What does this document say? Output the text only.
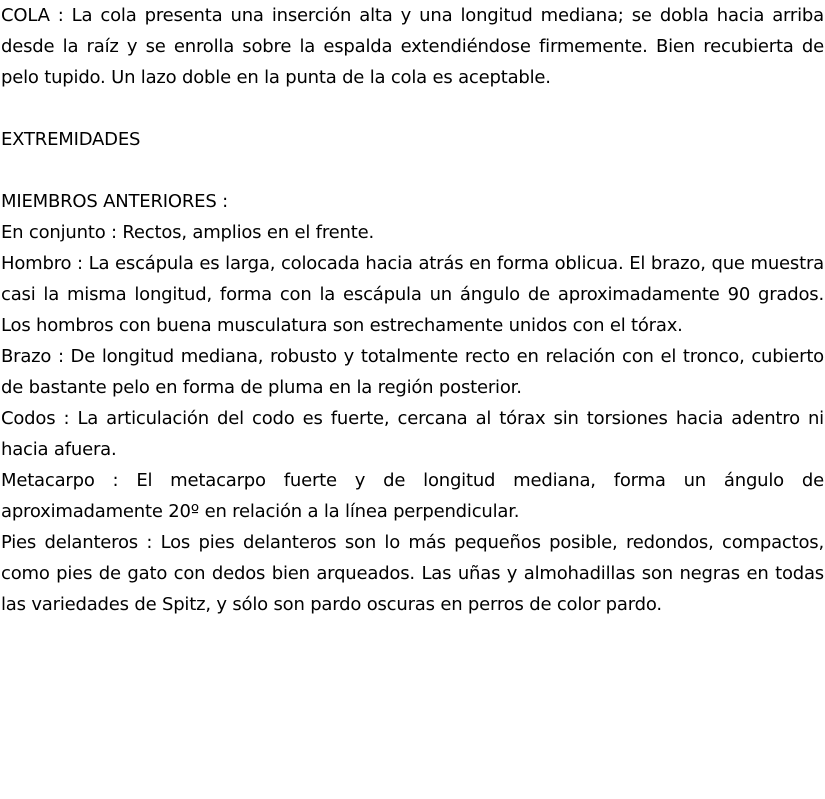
COLA : La cola presenta una inserción alta y una longitud mediana; se dobla hacia arriba desde la raíz y se enrolla sobre la espalda extendiéndose firmemente. Bien recubierta de pelo tupido. Un lazo doble en la punta de la cola es aceptable.

EXTREMIDADES

MIEMBROS ANTERIORES :

En conjunto : Rectos, amplios en el frente.

Hombro : La escápula es larga, colocada hacia atrás en forma oblicua. El brazo, que muestra casi la misma longitud, forma con la escápula un ángulo de aproximadamente 90 grados. Los hombros con buena musculatura son estrechamente unidos con el tórax.

Brazo : De longitud mediana, robusto y totalmente recto en relación con el tronco, cubierto de bastante pelo en forma de pluma en la región posterior.

Codos : La articulación del codo es fuerte, cercana al tórax sin torsiones hacia adentro ni hacia afuera.

Metacarpo : El metacarpo fuerte y de longitud mediana, forma un ángulo de aproximadamente 20º en relación a la línea perpendicular.

Pies delanteros : Los pies delanteros son lo más pequeños posible, redondos, compactos, como pies de gato con dedos bien arqueados. Las uñas y almohadillas son negras en todas las variedades de Spitz, y sólo son pardo oscuras en perros de color pardo.
